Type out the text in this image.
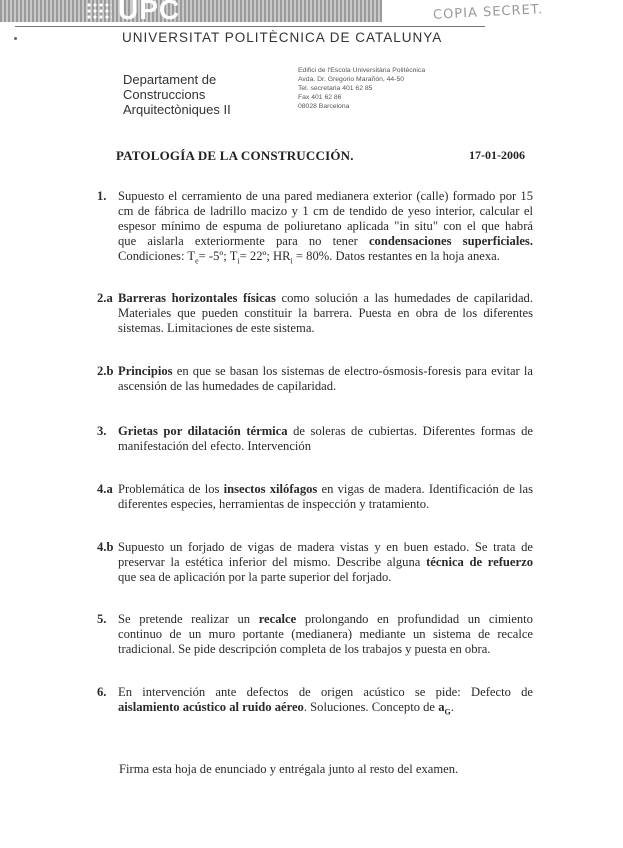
UPC	COPIA SECRET.
UNIVERSITAT POLITÈCNICA DE CATALUNYA
Departament de
Construccions
Arquitectòniques II
Edifici de l'Escola Universitària Politècnica
Avda. Dr. Gregorio Marañón, 44-50
Tel. secretaria 401 62 85
Fax 401 62 86
08028 Barcelona
PATOLOGÍA DE LA CONSTRUCCIÓN.	17-01-2006
1. Supuesto el cerramiento de una pared medianera exterior (calle) formado por 15
cm de fábrica de ladrillo macizo y 1 cm de tendido de yeso interior, calcular el
espesor mínimo de espuma de poliuretano aplicada "in situ" con el que habrá
que aislarla exteriormente para no tener condensaciones superficiales.
Condiciones: $T_e=$ -5º; $T_i=$ 22º; $HR_i = 80\%$. Datos restantes en la hoja anexa.
2.a Barreras horizontales físicas como solución a las humedades de capilaridad.
Materiales que pueden constituir la barrera. Puesta en obra de los diferentes
sistemas. Limitaciones de este sistema.
2.b Principios en que se basan los sistemas de electro-ósmosis-foresis para evitar la
ascensión de las humedades de capilaridad.
3. Grietas por dilatación térmica de soleras de cubiertas. Diferentes formas de
manifestación del efecto. Intervención
4.a Problemática de los insectos xilófagos en vigas de madera. Identificación de las
diferentes especies, herramientas de inspección y tratamiento.
4.b Supuesto un forjado de vigas de madera vistas y en buen estado. Se trata de
preservar la estética inferior del mismo. Describe alguna técnica de refuerzo
que sea de aplicación por la parte superior del forjado.
5. Se pretende realizar un recalce prolongando en profundidad un cimiento
continuo de un muro portante (medianera) mediante un sistema de recalce
tradicional. Se pide descripción completa de los trabajos y puesta en obra.
6. En intervención ante defectos de origen acústico se pide: Defecto de
aislamiento acústico al ruido aéreo. Soluciones. Concepto de $a_G$.
Firma esta hoja de enunciado y entrégala junto al resto del examen.
